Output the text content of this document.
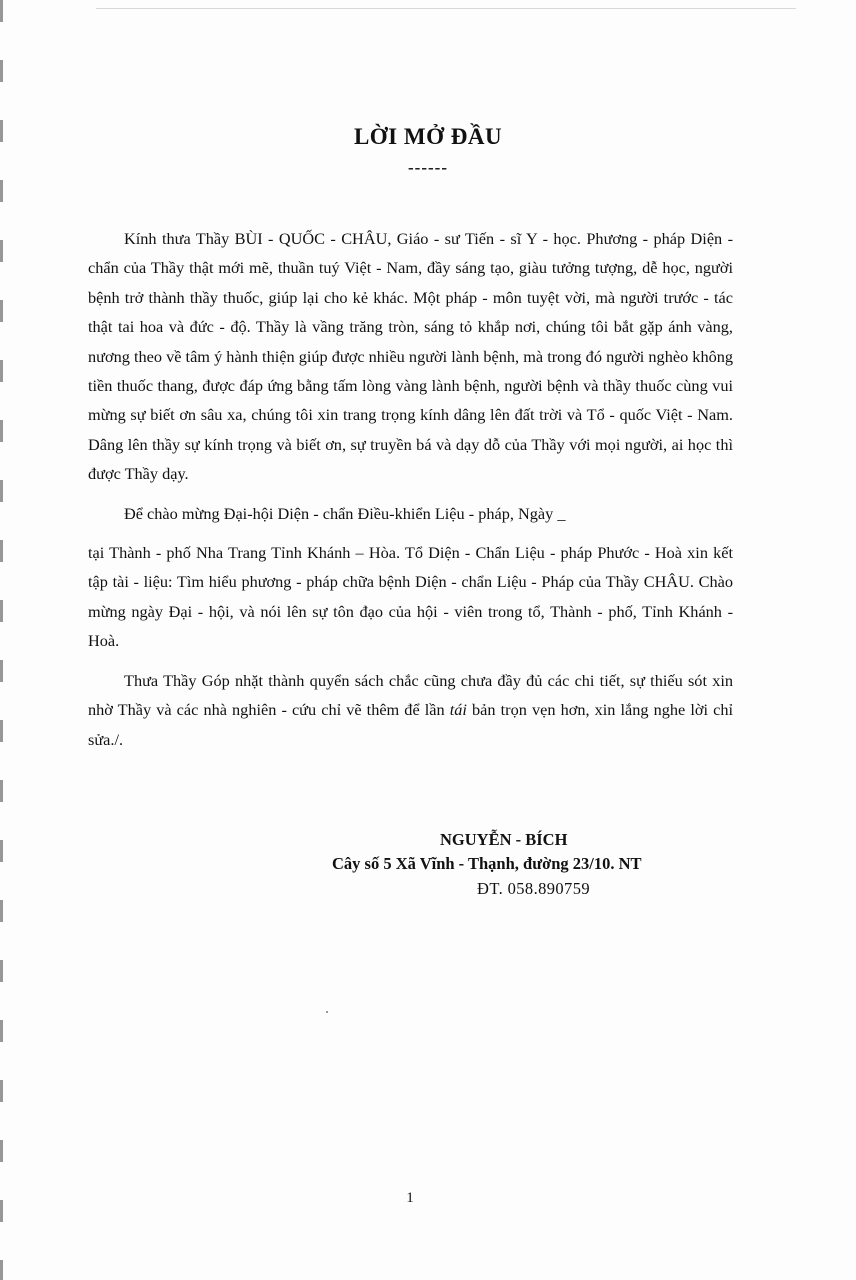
LỜI MỞ ĐẦU
------

Kính thưa Thầy BÙI - QUỐC - CHÂU, Giáo - sư Tiến - sĩ Y - học. Phương - pháp Diện - chẩn của Thầy thật mới mẽ, thuần tuý Việt - Nam, đầy sáng tạo, giàu tưởng tượng, dễ học, người bệnh trở thành thầy thuốc, giúp lại cho kẻ khác. Một pháp - môn tuyệt vời, mà người trước - tác thật tai hoa và đức - độ. Thầy là vầng trăng tròn, sáng tỏ khắp nơi, chúng tôi bắt gặp ánh vàng, nương theo về tâm ý hành thiện giúp được nhiều người lành bệnh, mà trong đó người nghèo không tiền thuốc thang, được đáp ứng bằng tấm lòng vàng lành bệnh, người bệnh và thầy thuốc cùng vui mừng sự biết ơn sâu xa, chúng tôi xin trang trọng kính dâng lên đất trời và Tổ - quốc Việt - Nam. Dâng lên thầy sự kính trọng và biết ơn, sự truyền bá và dạy dỗ của Thầy với mọi người, ai học thì được Thầy dạy.

Để chào mừng Đại-hội Diện - chẩn Điều-khiển Liệu - pháp, Ngày _

tại Thành - phố Nha Trang Tỉnh Khánh – Hòa. Tổ Diện - Chẩn Liệu - pháp Phước - Hoà xin kết tập tài - liệu: Tìm hiểu phương - pháp chữa bệnh Diện - chẩn Liệu - Pháp của Thầy CHÂU. Chào mừng ngày Đại - hội, và nói lên sự tôn đạo của hội - viên trong tổ, Thành - phố, Tỉnh Khánh - Hoà.

Thưa Thầy Góp nhặt thành quyển sách chắc cũng chưa đầy đủ các chi tiết, sự thiếu sót xin nhờ Thầy và các nhà nghiên - cứu chỉ vẽ thêm để lần tái bản trọn vẹn hơn, xin lắng nghe lời chỉ sửa./.

NGUYỄN - BÍCH
Cây số 5 Xã Vĩnh - Thạnh, đường 23/10. NT
ĐT. 058.890759
1
